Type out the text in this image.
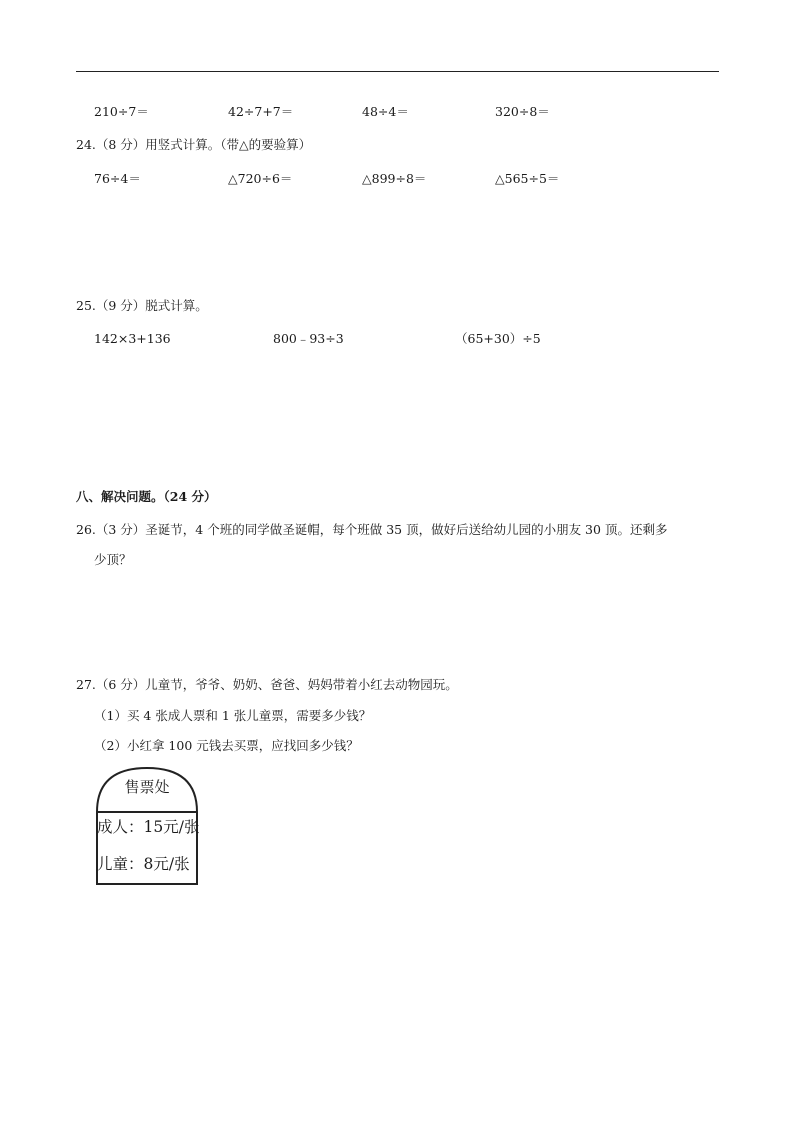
210÷7＝	42÷7+7＝	48÷4＝	320÷8＝
24.（8 分）用竖式计算。（带△的要验算）
76÷4＝	△720÷6＝	△899÷8＝	△565÷5＝
25.（9 分）脱式计算。
142×3+136	800﹣93÷3	（65+30）÷5
八、解决问题。（24 分）
26.（3 分）圣诞节，4 个班的同学做圣诞帽，每个班做 35 顶，做好后送给幼儿园的小朋友 30 顶。还剩多
少顶？
27.（6 分）儿童节，爷爷、奶奶、爸爸、妈妈带着小红去动物园玩。
（1）买 4 张成人票和 1 张儿童票，需要多少钱？
（2）小红拿 100 元钱去买票，应找回多少钱？
售票处
成人：15元/张
儿童：8元/张
